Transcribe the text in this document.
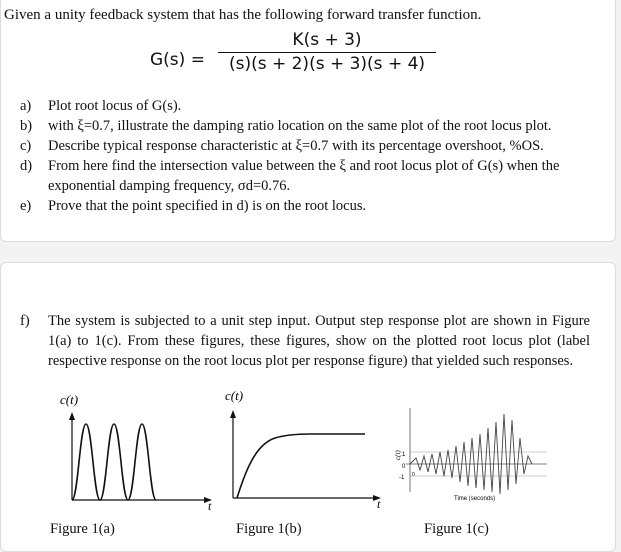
Given a unity feedback system that has the following forward transfer function.
G(s) =
K(s + 3)
(s)(s + 2)(s + 3)(s + 4)
a) Plot root locus of G(s).
b) with ξ=0.7, illustrate the damping ratio location on the same plot of the root locus plot.
c) Describe typical response characteristic at ξ=0.7 with its percentage overshoot, %OS.
d) From here find the intersection value between the ξ and root locus plot of G(s) when the exponential damping frequency, σd=0.76.
e) Prove that the point specified in d) is on the root locus.
f) The system is subjected to a unit step input. Output step response plot are shown in Figure 1(a) to 1(c). From these figures, these figures, show on the plotted root locus plot (label respective response on the root locus plot per response figure) that yielded such responses.
c(t)
t
Figure 1(a)
c(t)
t
Figure 1(b)
c(t) 1
0
-1 0
Time (seconds)
Figure 1(c)
